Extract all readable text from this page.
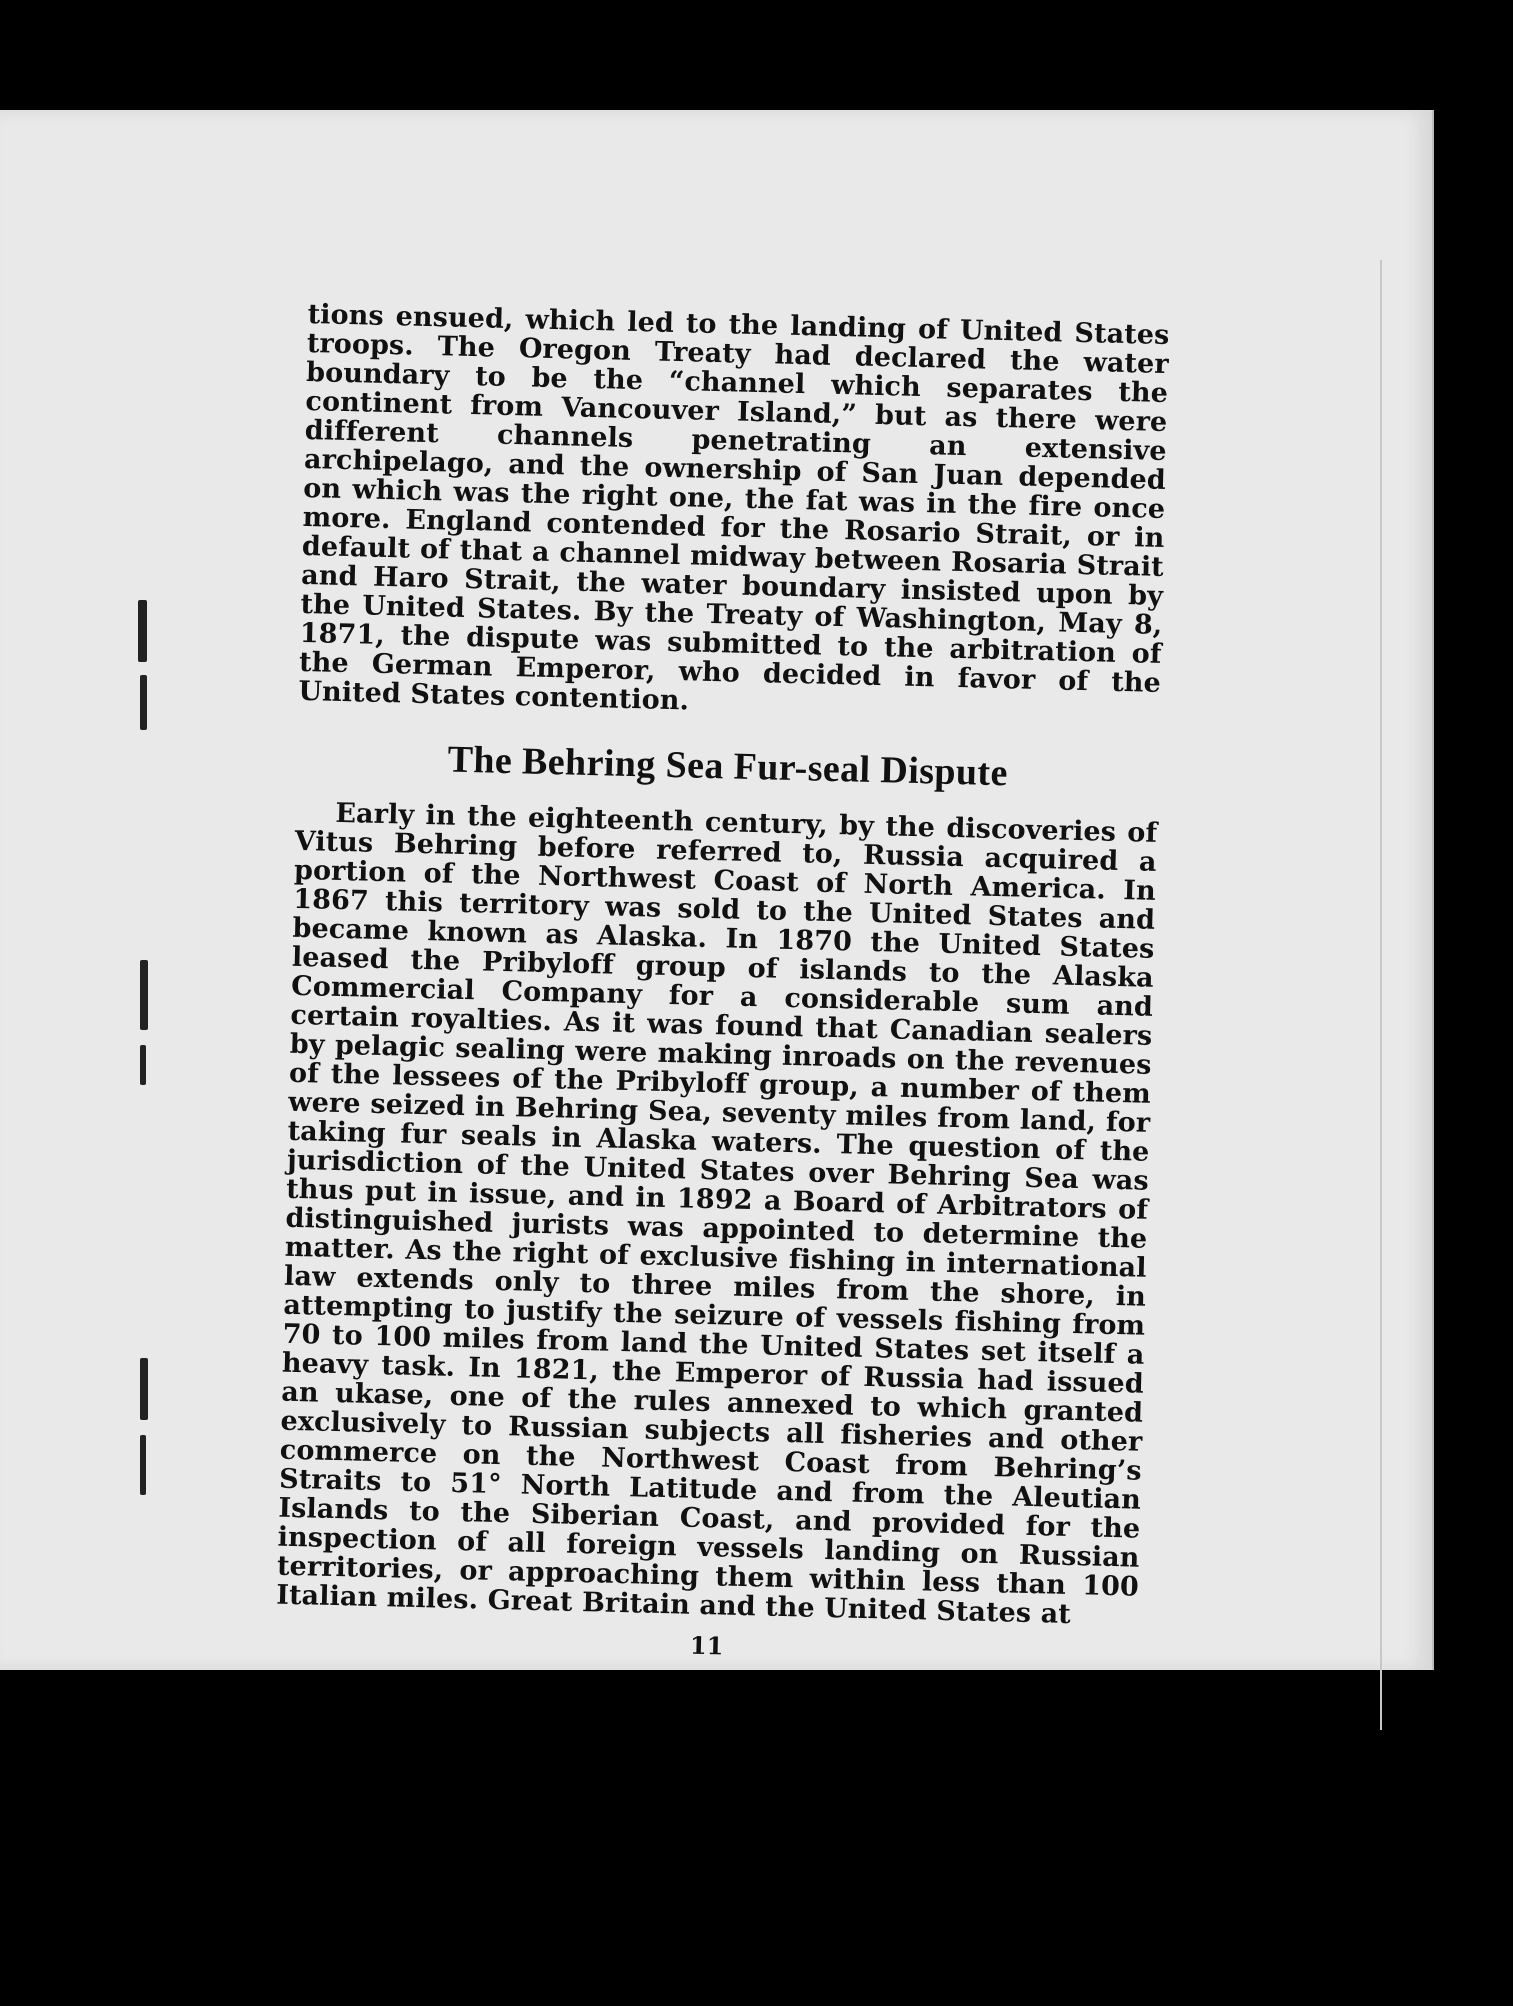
tions ensued, which led to the landing of United States troops. The Oregon Treaty had declared the water boundary to be the “channel which separates the continent from Vancouver Island,” but as there were different channels penetrating an extensive archipelago, and the ownership of San Juan depended on which was the right one, the fat was in the fire once more. England contended for the Rosario Strait, or in default of that a channel midway between Rosaria Strait and Haro Strait, the water boundary insisted upon by the United States. By the Treaty of Washington, May 8, 1871, the dispute was submitted to the arbitration of the German Emperor, who decided in favor of the United States contention.

The Behring Sea Fur-seal Dispute

Early in the eighteenth century, by the discoveries of Vitus Behring before referred to, Russia acquired a portion of the Northwest Coast of North America. In 1867 this territory was sold to the United States and became known as Alaska. In 1870 the United States leased the Pribyloff group of islands to the Alaska Commercial Company for a considerable sum and certain royalties. As it was found that Canadian sealers by pelagic sealing were making inroads on the revenues of the lessees of the Pribyloff group, a number of them were seized in Behring Sea, seventy miles from land, for taking fur seals in Alaska waters. The question of the jurisdiction of the United States over Behring Sea was thus put in issue, and in 1892 a Board of Arbitrators of distinguished jurists was appointed to determine the matter. As the right of exclusive fishing in international law extends only to three miles from the shore, in attempting to justify the seizure of vessels fishing from 70 to 100 miles from land the United States set itself a heavy task. In 1821, the Emperor of Russia had issued an ukase, one of the rules annexed to which granted exclusively to Russian subjects all fisheries and other commerce on the Northwest Coast from Behring’s Straits to 51° North Latitude and from the Aleutian Islands to the Siberian Coast, and provided for the inspection of all foreign vessels landing on Russian territories, or approaching them within less than 100 Italian miles. Great Britain and the United States at

11
